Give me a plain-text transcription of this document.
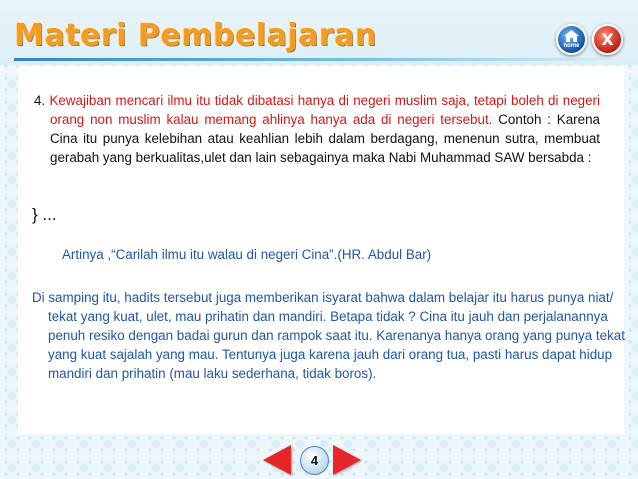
Materi Pembelajaran	home	X
4. Kewajiban mencari ilmu itu tidak dibatasi hanya di negeri muslim saja, tetapi boleh di negeri orang non muslim kalau memang ahlinya hanya ada di negeri tersebut. Contoh : Karena Cina itu punya kelebihan atau keahlian lebih dalam berdagang, menenun sutra, membuat gerabah yang berkualitas,ulet dan lain sebagainya maka Nabi Muhammad SAW bersabda :
} ...
Artinya ,“Carilah ilmu itu walau di negeri Cina”.(HR. Abdul Bar)
Di samping itu, hadits tersebut juga memberikan isyarat bahwa dalam belajar itu harus punya niat/ tekat yang kuat, ulet, mau prihatin dan mandiri. Betapa tidak ? Cina itu jauh dan perjalanannya penuh resiko dengan badai gurun dan rampok saat itu. Karenanya hanya orang yang punya tekat yang kuat sajalah yang mau. Tentunya juga karena jauh dari orang tua, pasti harus dapat hidup mandiri dan prihatin (mau laku sederhana, tidak boros).
4
